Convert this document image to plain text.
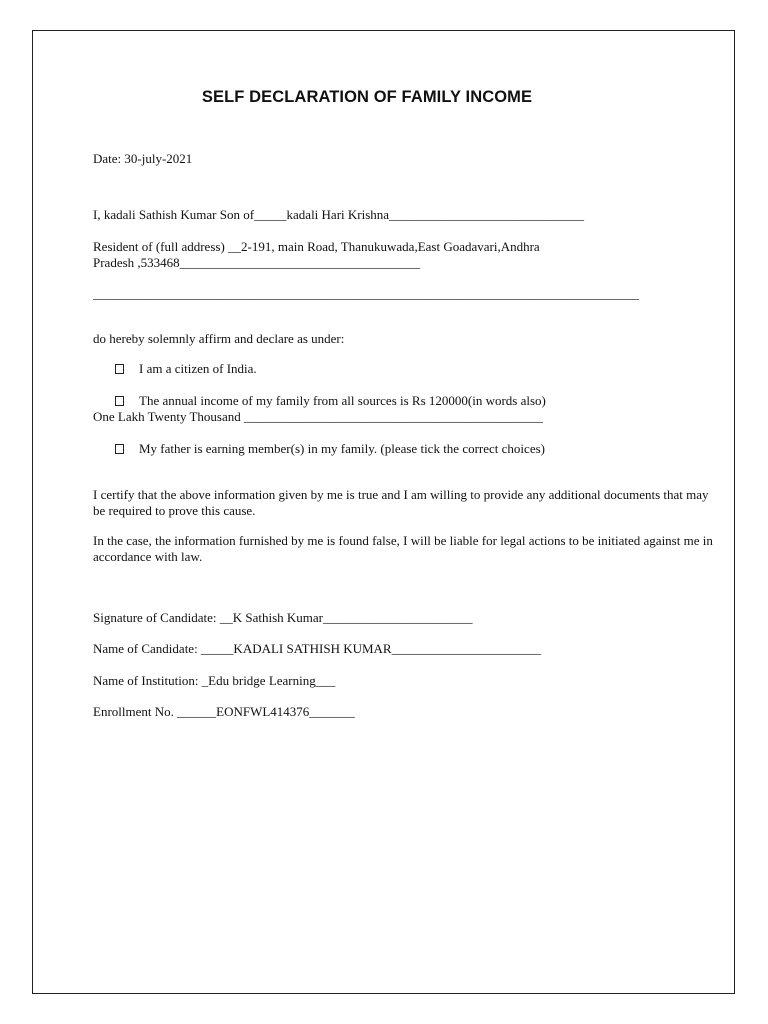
SELF DECLARATION OF FAMILY INCOME
Date: 30-july-2021
I, kadali Sathish Kumar Son of_____kadali Hari Krishna______________________________
Resident of (full address) __2-191, main Road, Thanukuwada,East Goadavari,Andhra
Pradesh ,533468_____________________________________
____________________________________________________________________________________
do hereby solemnly affirm and declare as under:
I am a citizen of India.
The annual income of my family from all sources is Rs 120000(in words also)
One Lakh Twenty Thousand ______________________________________________
My father is earning member(s) in my family. (please tick the correct choices)
I certify that the above information given by me is true and I am willing to provide any additional documents that may be required to prove this cause.
In the case, the information furnished by me is found false, I will be liable for legal actions to be initiated against me in accordance with law.
Signature of Candidate: __K Sathish Kumar_______________________
Name of Candidate: _____KADALI SATHISH KUMAR_______________________
Name of Institution: _Edu bridge Learning___
Enrollment No. ______EONFWL414376_______
